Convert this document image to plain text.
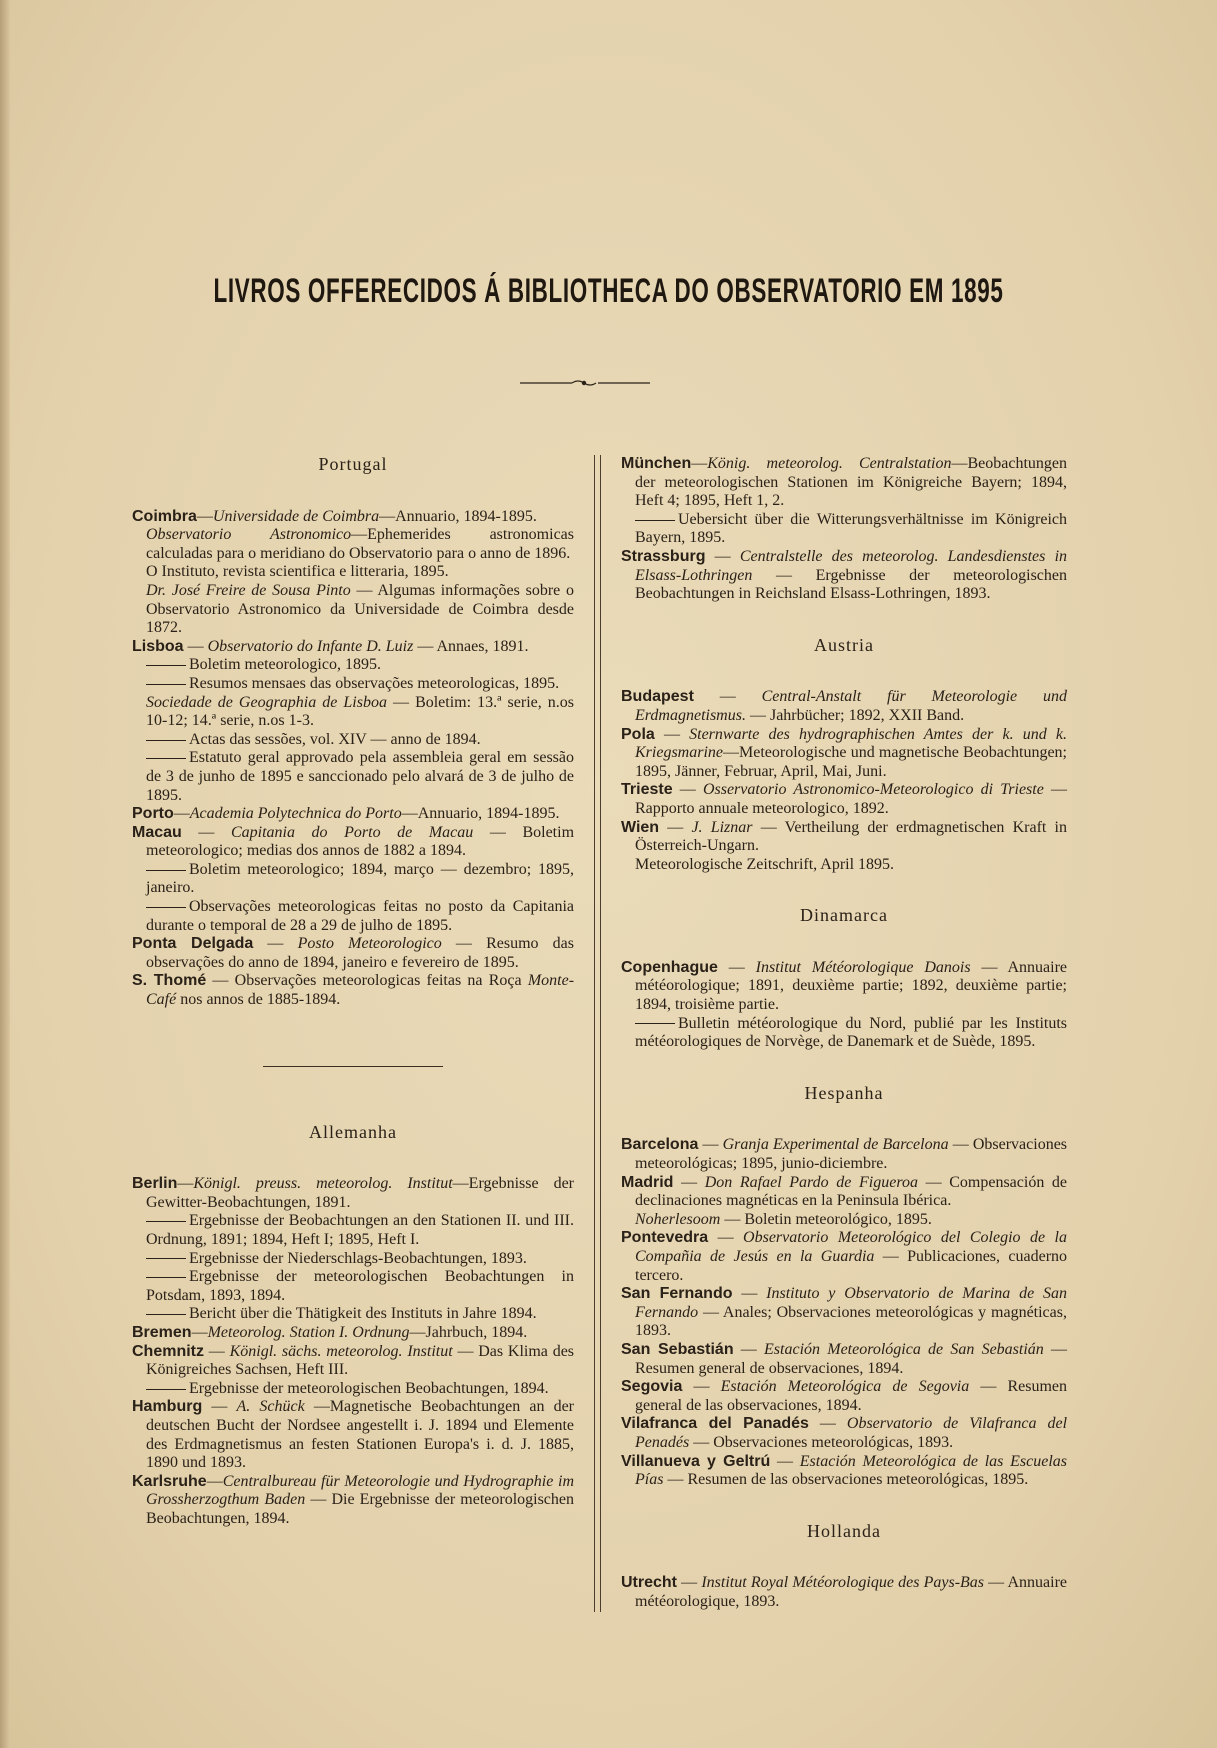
LIVROS OFFERECIDOS Á BIBLIOTHECA DO OBSERVATORIO EM 1895
Portugal

Coimbra—Universidade de Coimbra—Annuario, 1894-1895.

Observatorio Astronomico—Ephemerides astronomicas calculadas para o meridiano do Observatorio para o anno de 1896.

O Instituto, revista scientifica e litteraria, 1895.

Dr. José Freire de Sousa Pinto — Algumas informações sobre o Observatorio Astronomico da Universidade de Coimbra desde 1872.

Lisboa — Observatorio do Infante D. Luiz — Annaes, 1891.

Boletim meteorologico, 1895.

Resumos mensaes das observações meteorologicas, 1895.

Sociedade de Geographia de Lisboa — Boletim: 13.ª serie, n.os 10-12; 14.ª serie, n.os 1-3.

Actas das sessões, vol. XIV — anno de 1894.

Estatuto geral approvado pela assembleia geral em sessão de 3 de junho de 1895 e sanccionado pelo alvará de 3 de julho de 1895.

Porto—Academia Polytechnica do Porto—Annuario, 1894-1895.

Macau — Capitania do Porto de Macau — Boletim meteorologico; medias dos annos de 1882 a 1894.

Boletim meteorologico; 1894, março — dezembro; 1895, janeiro.

Observações meteorologicas feitas no posto da Capitania durante o temporal de 28 a 29 de julho de 1895.

Ponta Delgada — Posto Meteorologico — Resumo das observações do anno de 1894, janeiro e fevereiro de 1895.

S. Thomé — Observações meteorologicas feitas na Roça Monte-Café nos annos de 1885-1894.

Allemanha

Berlin—Königl. preuss. meteorolog. Institut—Ergebnisse der Gewitter-Beobachtungen, 1891.

Ergebnisse der Beobachtungen an den Stationen II. und III. Ordnung, 1891; 1894, Heft I; 1895, Heft I.

Ergebnisse der Niederschlags-Beobachtungen, 1893.

Ergebnisse der meteorologischen Beobachtungen in Potsdam, 1893, 1894.

Bericht über die Thätigkeit des Instituts in Jahre 1894.

Bremen—Meteorolog. Station I. Ordnung—Jahrbuch, 1894.

Chemnitz — Königl. sächs. meteorolog. Institut — Das Klima des Königreiches Sachsen, Heft III.

Ergebnisse der meteorologischen Beobachtungen, 1894.

Hamburg — A. Schück —Magnetische Beobachtungen an der deutschen Bucht der Nordsee angestellt i. J. 1894 und Elemente des Erdmagnetismus an festen Stationen Europa's i. d. J. 1885, 1890 und 1893.

Karlsruhe—Centralbureau für Meteorologie und Hydrographie im Grossherzogthum Baden — Die Ergebnisse der meteorologischen Beobachtungen, 1894.

München—König. meteorolog. Centralstation—Beobachtungen der meteorologischen Stationen im Königreiche Bayern; 1894, Heft 4; 1895, Heft 1, 2.

Uebersicht über die Witterungsverhältnisse im Königreich Bayern, 1895.

Strassburg — Centralstelle des meteorolog. Landesdienstes in Elsass-Lothringen — Ergebnisse der meteorologischen Beobachtungen in Reichsland Elsass-Lothringen, 1893.

Austria

Budapest — Central-Anstalt für Meteorologie und Erdmagnetismus. — Jahrbücher; 1892, XXII Band.

Pola — Sternwarte des hydrographischen Amtes der k. und k. Kriegsmarine—Meteorologische und magnetische Beobachtungen; 1895, Jänner, Februar, April, Mai, Juni.

Trieste — Osservatorio Astronomico-Meteorologico di Trieste — Rapporto annuale meteorologico, 1892.

Wien — J. Liznar — Vertheilung der erdmagnetischen Kraft in Österreich-Ungarn.

Meteorologische Zeitschrift, April 1895.

Dinamarca

Copenhague — Institut Météorologique Danois — Annuaire météorologique; 1891, deuxième partie; 1892, deuxième partie; 1894, troisième partie.

Bulletin météorologique du Nord, publié par les Instituts météorologiques de Norvège, de Danemark et de Suède, 1895.

Hespanha

Barcelona — Granja Experimental de Barcelona — Observaciones meteorológicas; 1895, junio-diciembre.

Madrid — Don Rafael Pardo de Figueroa — Compensación de declinaciones magnéticas en la Peninsula Ibérica.

Noherlesoom — Boletin meteorológico, 1895.

Pontevedra — Observatorio Meteorológico del Colegio de la Compañia de Jesús en la Guardia — Publicaciones, cuaderno tercero.

San Fernando — Instituto y Observatorio de Marina de San Fernando — Anales; Observaciones meteorológicas y magnéticas, 1893.

San Sebastián — Estación Meteorológica de San Sebastián — Resumen general de observaciones, 1894.

Segovia — Estación Meteorológica de Segovia — Resumen general de las observaciones, 1894.

Vilafranca del Panadés — Observatorio de Vilafranca del Penadés — Observaciones meteorológicas, 1893.

Villanueva y Geltrú — Estación Meteorológica de las Escuelas Pías — Resumen de las observaciones meteorológicas, 1895.

Hollanda

Utrecht — Institut Royal Météorologique des Pays-Bas — Annuaire météorologique, 1893.
